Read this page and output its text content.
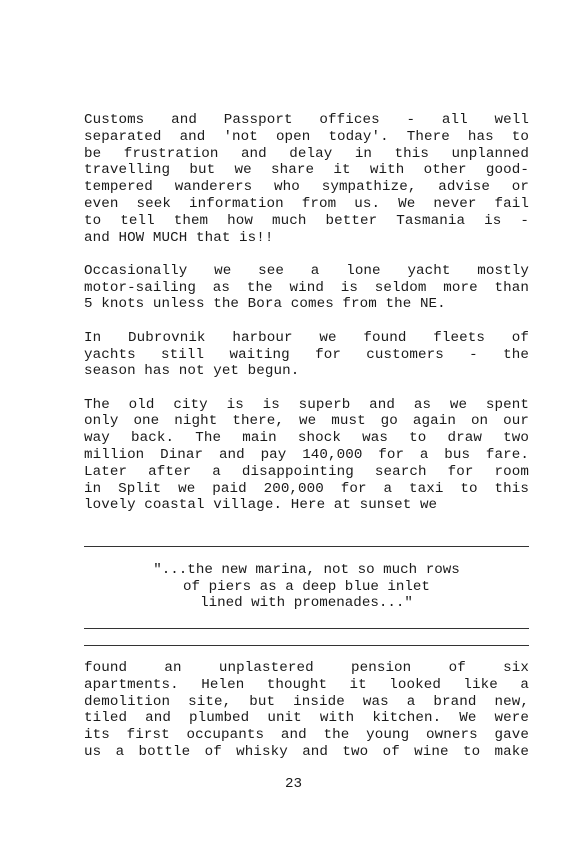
Customs and Passport offices - all well
separated and 'not open today'. There has to
be frustration and delay in this unplanned
travelling but we share it with other good-
tempered wanderers who sympathize, advise or
even seek information from us. We never fail
to tell them how much better Tasmania is -
and HOW MUCH that is!!

Occasionally we see a lone yacht mostly
motor-sailing as the wind is seldom more than
5 knots unless the Bora comes from the NE.

In Dubrovnik harbour we found fleets of
yachts still waiting for customers - the
season has not yet begun.

The old city is is superb and as we spent
only one night there, we must go again on our
way back. The main shock was to draw two
million Dinar and pay 140,000 for a bus fare.
Later after a disappointing search for room
in Split we paid 200,000 for a taxi to this
lovely coastal village. Here at sunset we

"...the new marina, not so much rows
of piers as a deep blue inlet
lined with promenades..."

found an unplastered pension of six
apartments. Helen thought it looked like a
demolition site, but inside was a brand new,
tiled and plumbed unit with kitchen. We were
its first occupants and the young owners gave
us a bottle of whisky and two of wine to make

23
